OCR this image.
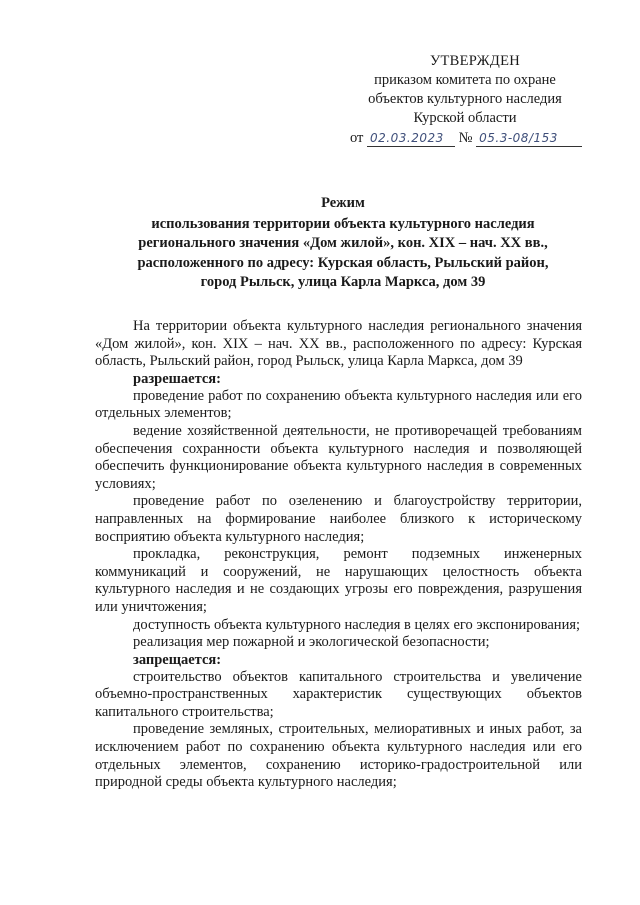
УТВЕРЖДЕН
приказом комитета по охране
объектов культурного наследия
Курской области
от 02.03.2023 № 05.3-08/153
Режим
использования территории объекта культурного наследия
регионального значения «Дом жилой», кон. XIX – нач. XX вв.,
расположенного по адресу: Курская область, Рыльский район,
город Рыльск, улица Карла Маркса, дом 39

На территории объекта культурного наследия регионального значения «Дом жилой», кон. XIX – нач. XX вв., расположенного по адресу: Курская область, Рыльский район, город Рыльск, улица Карла Маркса, дом 39

разрешается:

проведение работ по сохранению объекта культурного наследия или его отдельных элементов;

ведение хозяйственной деятельности, не противоречащей требованиям обеспечения сохранности объекта культурного наследия и позволяющей обеспечить функционирование объекта культурного наследия в современных условиях;

проведение работ по озеленению и благоустройству территории, направленных на формирование наиболее близкого к историческому восприятию объекта культурного наследия;

прокладка, реконструкция, ремонт подземных инженерных коммуникаций и сооружений, не нарушающих целостность объекта культурного наследия и не создающих угрозы его повреждения, разрушения или уничтожения;

доступность объекта культурного наследия в целях его экспонирования;

реализация мер пожарной и экологической безопасности;

запрещается:

строительство объектов капитального строительства и увеличение объемно-пространственных характеристик существующих объектов капитального строительства;

проведение земляных, строительных, мелиоративных и иных работ, за исключением работ по сохранению объекта культурного наследия или его отдельных элементов, сохранению историко-градостроительной или природной среды объекта культурного наследия;
